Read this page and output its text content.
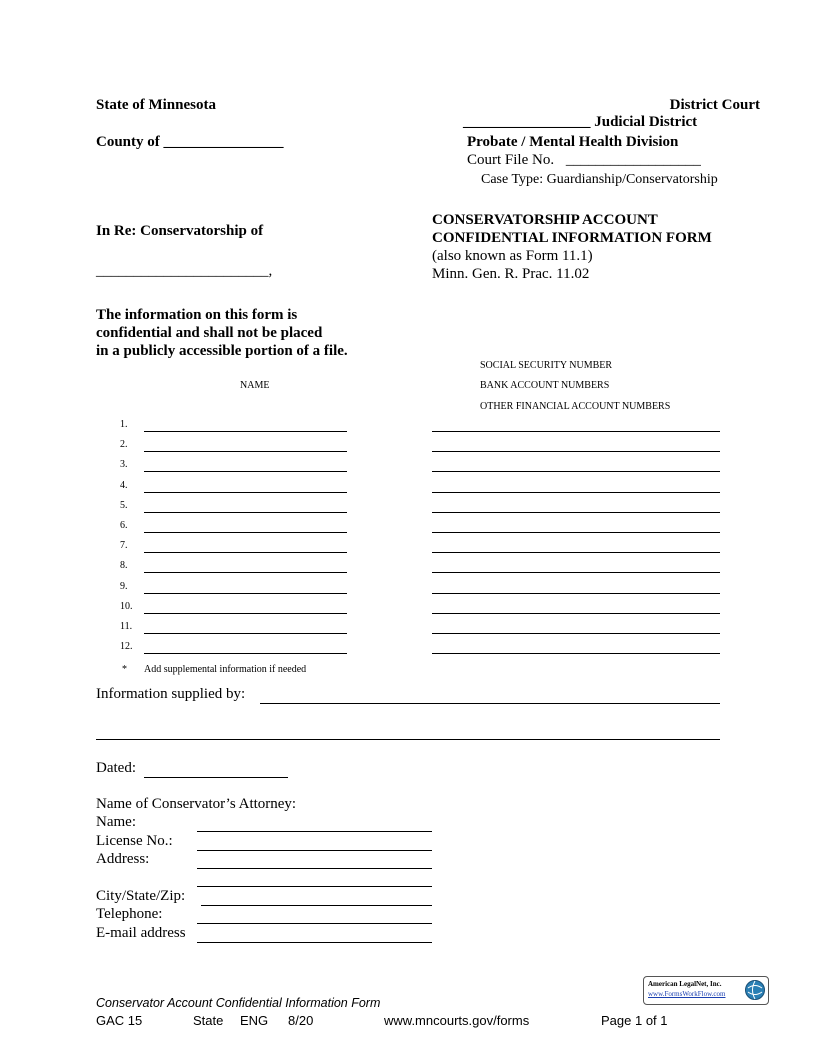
State of Minnesota	District Court
_________________ Judicial District
County of ________________	Probate / Mental Health Division
Court File No. __________________
Case Type: Guardianship/Conservatorship
In Re: Conservatorship of
_______________________,
CONSERVATORSHIP ACCOUNT
CONFIDENTIAL INFORMATION FORM
(also known as Form 11.1)
Minn. Gen. R. Prac. 11.02
The information on this form is
confidential and shall not be placed
in a publicly accessible portion of a file.
NAME
SOCIAL SECURITY NUMBER
BANK ACCOUNT NUMBERS
OTHER FINANCIAL ACCOUNT NUMBERS
1.
2.
3.
4.
5.
6.
7.
8.
9.
10.
11.
12.
* Add supplemental information if needed
Information supplied by:
Dated:
Name of Conservator’s Attorney:
Name:
License No.:
Address:
City/State/Zip:
Telephone:
E-mail address
American LegalNet, Inc.
www.FormsWorkFlow.com
Conservator Account Confidential Information Form
GAC 15	State ENG 8/20	www.mncourts.gov/forms	Page 1 of 1
